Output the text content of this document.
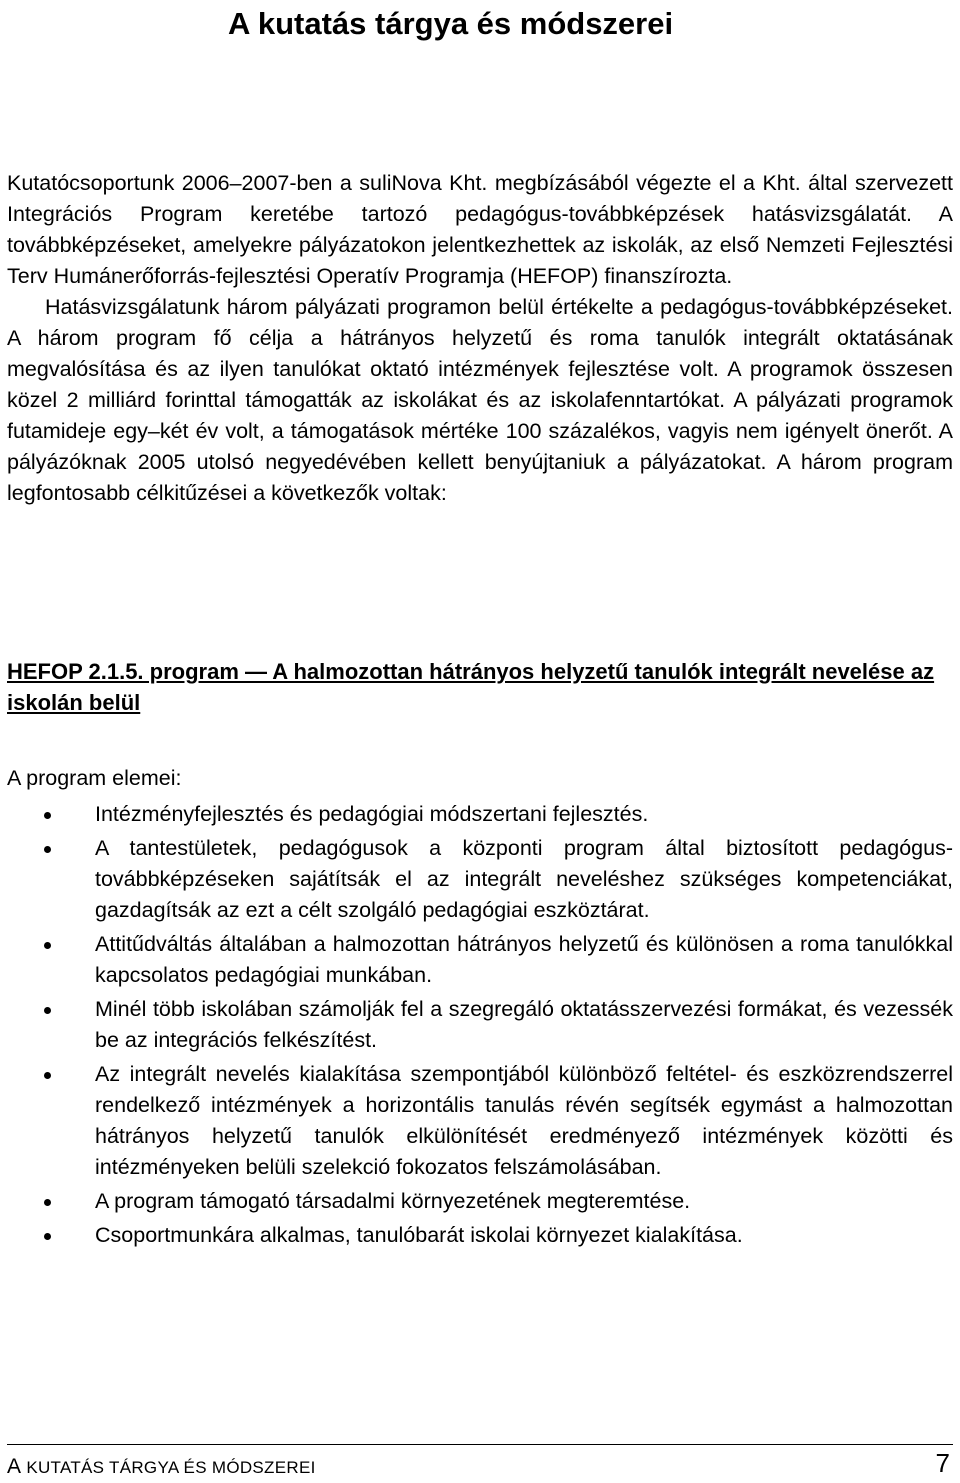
A kutatás tárgya és módszerei

Kutatócsoportunk 2006–2007-ben a suliNova Kht. megbízásából végezte el a Kht. által szervezett Integrációs Program keretébe tartozó pedagógus-továbbképzések hatásvizsgálatát. A továbbképzéseket, amelyekre pályázatokon jelentkezhettek az iskolák, az első Nemzeti Fejlesztési Terv Humánerőforrás-fejlesztési Operatív Programja (HEFOP) finanszírozta.
Hatásvizsgálatunk három pályázati programon belül értékelte a pedagógus-továbbképzéseket. A három program fő célja a hátrányos helyzetű és roma tanulók integrált oktatásának megvalósítása és az ilyen tanulókat oktató intézmények fejlesztése volt. A programok összesen közel 2 milliárd forinttal támogatták az iskolákat és az iskolafenntartókat. A pályázati programok futamideje egy–két év volt, a támogatások mértéke 100 százalékos, vagyis nem igényelt önerőt. A pályázóknak 2005 utolsó negyedévében kellett benyújtaniuk a pályázatokat. A három program legfontosabb célkitűzései a következők voltak:

HEFOP 2.1.5. program — A halmozottan hátrányos helyzetű tanulók integrált nevelése az iskolán belül
A program elemei:
Intézményfejlesztés és pedagógiai módszertani fejlesztés.
A tantestületek, pedagógusok a központi program által biztosított pedagógus-továbbképzéseken sajátítsák el az integrált neveléshez szükséges kompetenciákat, gazdagítsák az ezt a célt szolgáló pedagógiai eszköztárat.
Attitűdváltás általában a halmozottan hátrányos helyzetű és különösen a roma tanulókkal kapcsolatos pedagógiai munkában.
Minél több iskolában számolják fel a szegregáló oktatásszervezési formákat, és vezessék be az integrációs felkészítést.
Az integrált nevelés kialakítása szempontjából különböző feltétel- és eszközrendszerrel rendelkező intézmények a horizontális tanulás révén segítsék egymást a halmozottan hátrányos helyzetű tanulók elkülönítését eredményező intézmények közötti és intézményeken belüli szelekció fokozatos felszámolásában.
A program támogató társadalmi környezetének megteremtése.
Csoportmunkára alkalmas, tanulóbarát iskolai környezet kialakítása.
A KUTATÁS TÁRGYA ÉS MÓDSZEREI	7
